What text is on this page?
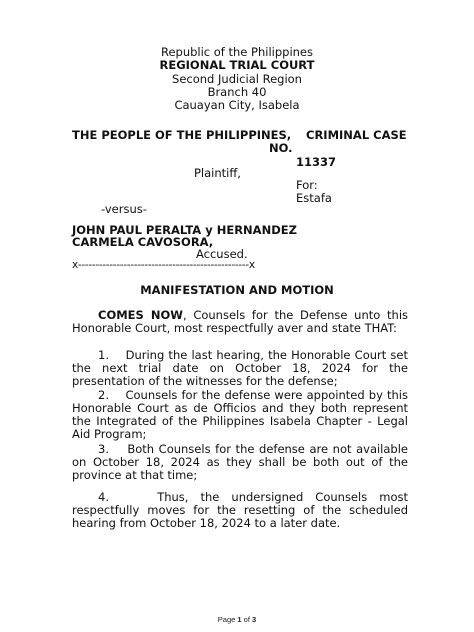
Republic of the Philippines
REGIONAL TRIAL COURT
Second Judicial Region
Branch 40
Cauayan City, Isabela
THE PEOPLE OF THE PHILIPPINES, CRIMINAL CASE
NO.
11337
Plaintiff,
For:
Estafa
-versus-
JOHN PAUL PERALTA y HERNANDEZ
CARMELA CAVOSORA,
Accused.
x-------------------------------------------------x
MANIFESTATION AND MOTION
COMES NOW, Counsels for the Defense unto this Honorable Court, most respectfully aver and state THAT:
1.    During the last hearing, the Honorable Court set the next trial date on October 18, 2024 for the presentation of the witnesses for the defense;
2.    Counsels for the defense were appointed by this Honorable Court as de Officios and they both represent the Integrated of the Philippines Isabela Chapter - Legal Aid Program;
3.    Both Counsels for the defense are not available on October 18, 2024 as they shall be both out of the province at that time;
4.    Thus, the undersigned Counsels most respectfully moves for the resetting of the scheduled hearing from October 18, 2024 to a later date.
Page 1 of 3
